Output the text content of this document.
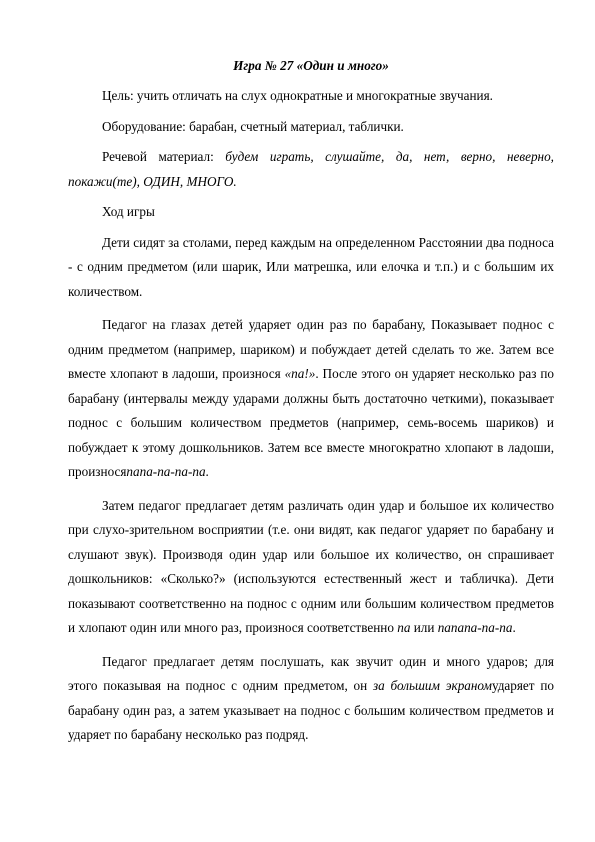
Игра № 27 «Один и много»

Цель: учить отличать на слух однократные и многократные звучания.

Оборудование: барабан, счетный материал, таблички.

Речевой материал: будем играть, слушайте, да, нет, верно, неверно, покажи(те), ОДИН, МНОГО.

Ход игры

Дети сидят за столами, перед каждым на определенном Расстоянии два подноса - с одним предметом (или шарик, Или матрешка, или елочка и т.п.) и с большим их количеством.

Педагог на глазах детей ударяет один раз по барабану, Показывает поднос с одним предметом (например, шариком) и побуждает детей сделать то же. Затем все вместе хлопают в ладоши, произнося «па!». После этого он ударяет несколько раз по барабану (интервалы между ударами должны быть достаточно четкими), показывает поднос с большим количеством предметов (например, семь-восемь шариков) и побуждает к этому дошкольников. Затем все вместе многократно хлопают в ладоши, произносяпапа-па-па-па.

Затем педагог предлагает детям различать один удар и большое их количество при слухо-зрительном восприятии (т.е. они видят, как педагог ударяет по барабану и слушают звук). Производя один удар или большое их количество, он спрашивает дошкольников: «Сколько?» (используются естественный жест и табличка). Дети показывают соответственно на поднос с одним или большим количеством предметов и хлопают один или много раз, произнося соответственно па или папапа-па-па.

Педагог предлагает детям послушать, как звучит один и много ударов; для этого показывая на поднос с одним предметом, он за большим экраномударяет по барабану один раз, а затем указывает на поднос с большим количеством предметов и ударяет по барабану несколько раз подряд.
